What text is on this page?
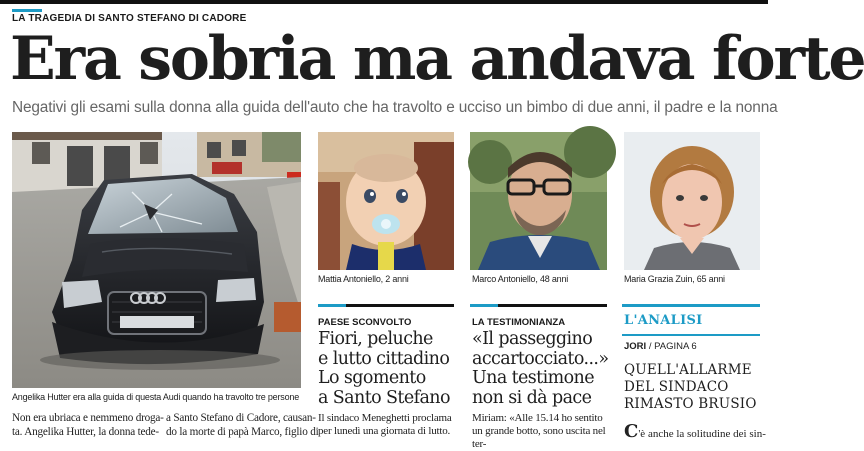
LA TRAGEDIA DI SANTO STEFANO DI CADORE
Era sobria ma andava forte
Negativi gli esami sulla donna alla guida dell'auto che ha travolto e ucciso un bimbo di due anni, il padre e la nonna
Angelika Hutter era alla guida di questa Audi quando ha travolto tre persone
Non era ubriaca e nemmeno droga-
ta. Angelika Hutter, la donna tede-
a Santo Stefano di Cadore, causan-
do la morte di papà Marco, figlio di
Mattia Antoniello, 2 anni	Marco Antoniello, 48 anni	Maria Grazia Zuin, 65 anni
PAESE SCONVOLTO
Fiori, peluche
e lutto cittadino
Lo sgomento
a Santo Stefano
Il sindaco Meneghetti proclama per lunedì una giornata di lutto.
LA TESTIMONIANZA
«Il passeggino
accartocciato...»
Una testimone
non si dà pace
Miriam: «Alle 15.14 ho sentito un grande botto, sono uscita nel ter-
L'ANALISI
JORI / PAGINA 6
QUELL'ALLARME
DEL SINDACO
RIMASTO BRUSIO
C'è anche la solitudine dei sin-
